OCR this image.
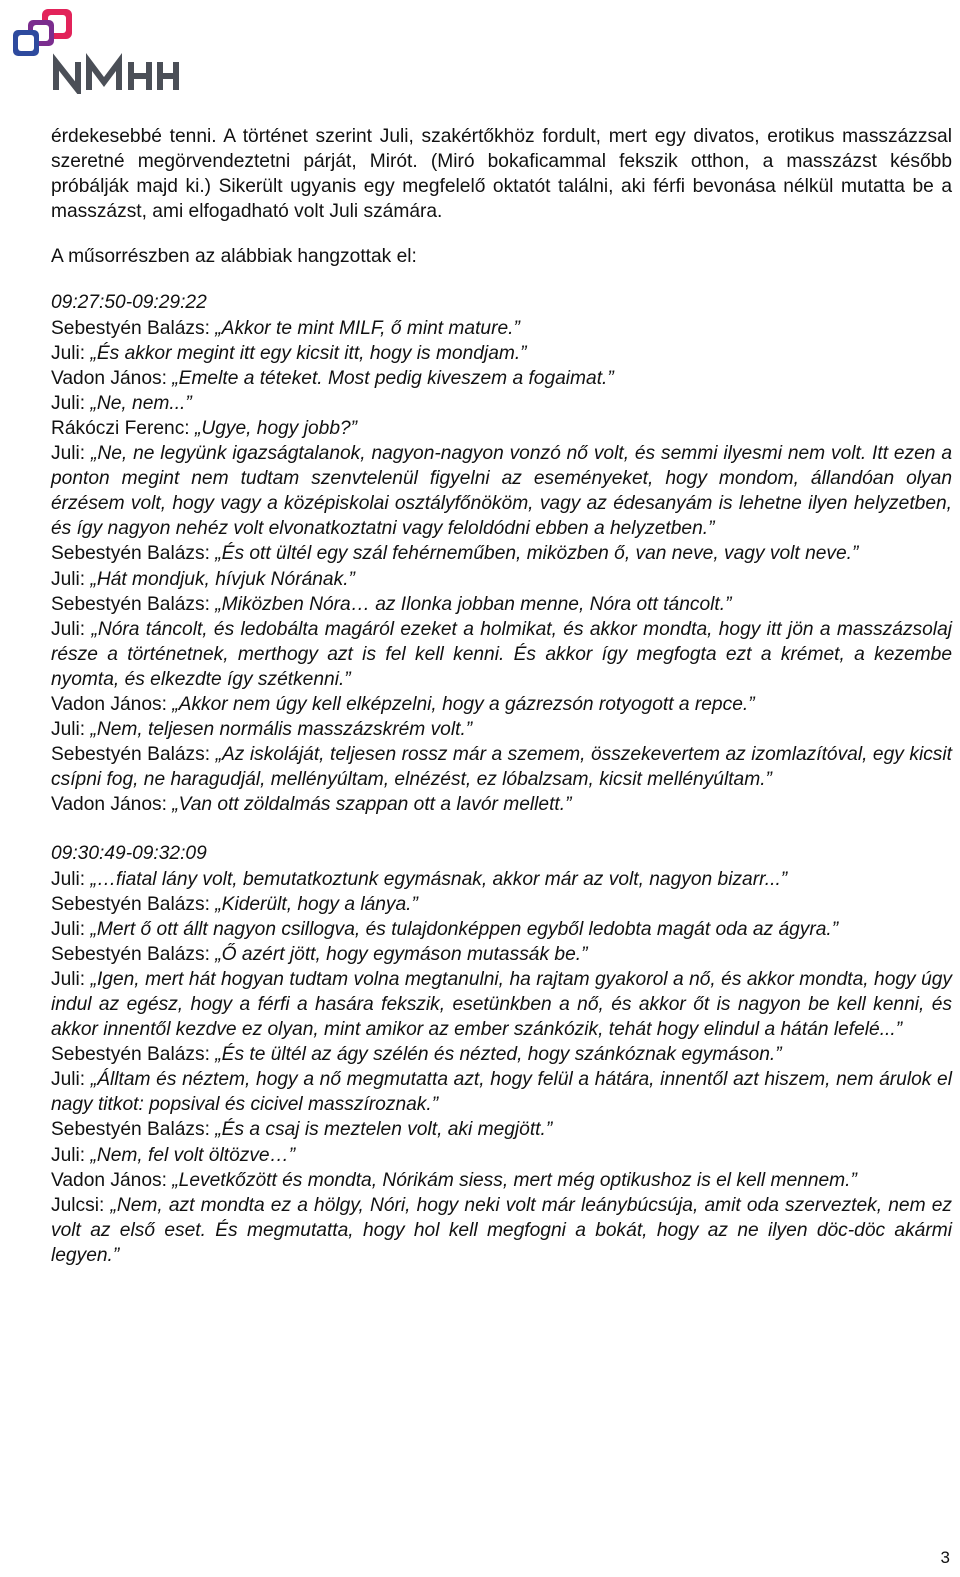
érdekesebbé tenni. A történet szerint Juli, szakértőkhöz fordult, mert egy divatos, erotikus masszázzsal szeretné megörvendeztetni párját, Mirót. (Miró bokaficammal fekszik otthon, a masszázst később próbálják majd ki.) Sikerült ugyanis egy megfelelő oktatót találni, aki férfi bevonása nélkül mutatta be a masszázst, ami elfogadható volt Juli számára.

A műsorrészben az alábbiak hangzottak el:

09:27:50-09:29:22

Sebestyén Balázs: „Akkor te mint MILF, ő mint mature.”

Juli: „És akkor megint itt egy kicsit itt, hogy is mondjam.”

Vadon János: „Emelte a téteket. Most pedig kiveszem a fogaimat.”

Juli: „Ne, nem...”

Rákóczi Ferenc: „Ugye, hogy jobb?”

Juli: „Ne, ne legyünk igazságtalanok, nagyon-nagyon vonzó nő volt, és semmi ilyesmi nem volt. Itt ezen a ponton megint nem tudtam szenvtelenül figyelni az eseményeket, hogy mondom, állandóan olyan érzésem volt, hogy vagy a középiskolai osztályfőnököm, vagy az édesanyám is lehetne ilyen helyzetben, és így nagyon nehéz volt elvonatkoztatni vagy feloldódni ebben a helyzetben.”

Sebestyén Balázs: „És ott ültél egy szál fehérneműben, miközben ő, van neve, vagy volt neve.”

Juli: „Hát mondjuk, hívjuk Nórának.”

Sebestyén Balázs: „Miközben Nóra… az Ilonka jobban menne, Nóra ott táncolt.”

Juli: „Nóra táncolt, és ledobálta magáról ezeket a holmikat, és akkor mondta, hogy itt jön a masszázsolaj része a történetnek, merthogy azt is fel kell kenni. És akkor így megfogta ezt a krémet, a kezembe nyomta, és elkezdte így szétkenni.”

Vadon János: „Akkor nem úgy kell elképzelni, hogy a gázrezsón rotyogott a repce.”

Juli: „Nem, teljesen normális masszázskrém volt.”

Sebestyén Balázs: „Az iskoláját, teljesen rossz már a szemem, összekevertem az izomlazítóval, egy kicsit csípni fog, ne haragudjál, mellényúltam, elnézést, ez lóbalzsam, kicsit mellényúltam.”

Vadon János: „Van ott zöldalmás szappan ott a lavór mellett.”

09:30:49-09:32:09

Juli: „…fiatal lány volt, bemutatkoztunk egymásnak, akkor már az volt, nagyon bizarr...”

Sebestyén Balázs: „Kiderült, hogy a lánya.”

Juli: „Mert ő ott állt nagyon csillogva, és tulajdonképpen egyből ledobta magát oda az ágyra.”

Sebestyén Balázs: „Ő azért jött, hogy egymáson mutassák be.”

Juli: „Igen, mert hát hogyan tudtam volna megtanulni, ha rajtam gyakorol a nő, és akkor mondta, hogy úgy indul az egész, hogy a férfi a hasára fekszik, esetünkben a nő, és akkor őt is nagyon be kell kenni, és akkor innentől kezdve ez olyan, mint amikor az ember szánkózik, tehát hogy elindul a hátán lefelé...”

Sebestyén Balázs: „És te ültél az ágy szélén és nézted, hogy szánkóznak egymáson.”

Juli: „Álltam és néztem, hogy a nő megmutatta azt, hogy felül a hátára, innentől azt hiszem, nem árulok el nagy titkot: popsival és cicivel masszíroznak.”

Sebestyén Balázs: „És a csaj is meztelen volt, aki megjött.”

Juli: „Nem, fel volt öltözve…”

Vadon János: „Levetkőzött és mondta, Nórikám siess, mert még optikushoz is el kell mennem.”

Julcsi: „Nem, azt mondta ez a hölgy, Nóri, hogy neki volt már leánybúcsúja, amit oda szerveztek, nem ez volt az első eset. És megmutatta, hogy hol kell megfogni a bokát, hogy az ne ilyen döc-döc akármi legyen.”

3
